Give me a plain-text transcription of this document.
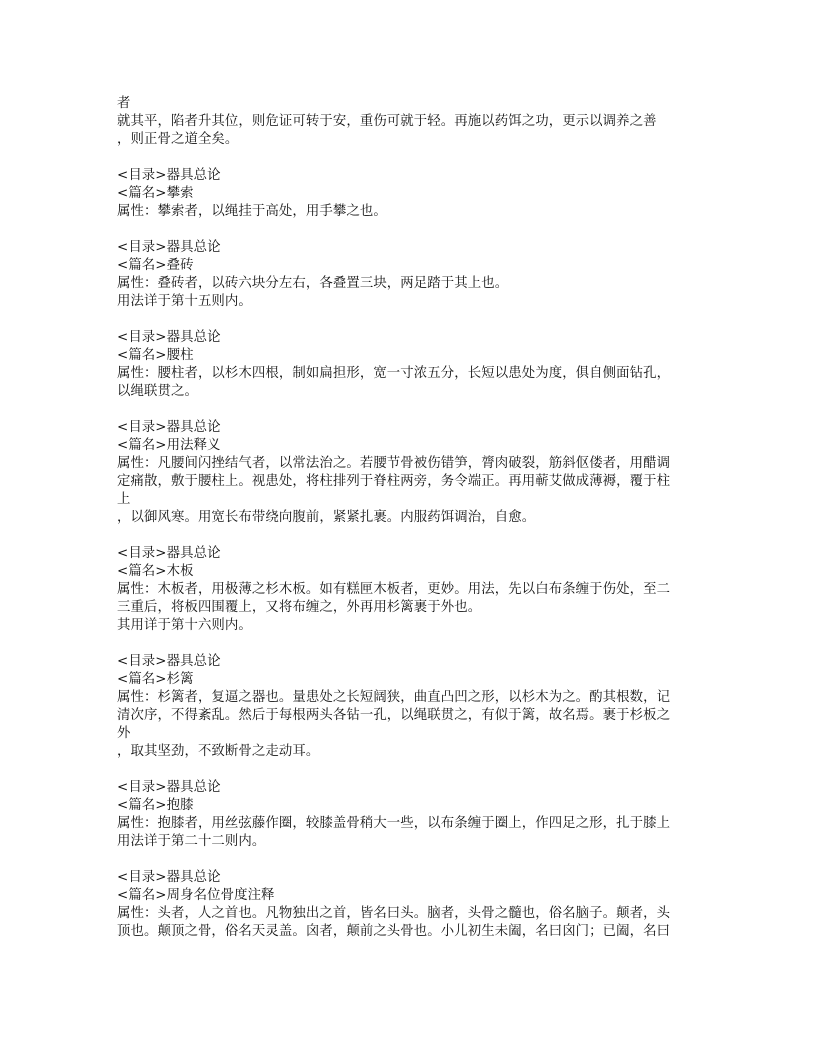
者
就其平，陷者升其位，则危证可转于安，重伤可就于轻。再施以药饵之功，更示以调养之善
，则正骨之道全矣。
<目录>器具总论
<篇名>攀索
属性：攀索者，以绳挂于高处，用手攀之也。
<目录>器具总论
<篇名>叠砖
属性：叠砖者，以砖六块分左右，各叠置三块，两足踏于其上也。
用法详于第十五则内。
<目录>器具总论
<篇名>腰柱
属性：腰柱者，以杉木四根，制如扁担形，宽一寸浓五分，长短以患处为度，俱自侧面钻孔，
以绳联贯之。
<目录>器具总论
<篇名>用法释义
属性：凡腰间闪挫结气者，以常法治之。若腰节骨被伤错笋，膂肉破裂，筋斜伛偻者，用醋调
定痛散，敷于腰柱上。视患处，将柱排列于脊柱两旁，务令端正。再用蕲艾做成薄褥，覆于柱
上
，以御风寒。用宽长布带绕向腹前，紧紧扎裹。内服药饵调治，自愈。
<目录>器具总论
<篇名>木板
属性：木板者，用极薄之杉木板。如有糕匣木板者，更妙。用法，先以白布条缠于伤处，至二
三重后，将板四围覆上，又将布缠之，外再用杉篱裹于外也。
其用详于第十六则内。
<目录>器具总论
<篇名>杉篱
属性：杉篱者，复逼之器也。量患处之长短阔狭，曲直凸凹之形，以杉木为之。酌其根数，记
清次序，不得紊乱。然后于每根两头各钻一孔，以绳联贯之，有似于篱，故名焉。裹于杉板之
外
，取其坚劲，不致断骨之走动耳。
<目录>器具总论
<篇名>抱膝
属性：抱膝者，用丝弦藤作圈，较膝盖骨稍大一些，以布条缠于圈上，作四足之形，扎于膝上
用法详于第二十二则内。
<目录>器具总论
<篇名>周身名位骨度注释
属性：头者，人之首也。凡物独出之首，皆名曰头。脑者，头骨之髓也，俗名脑子。颠者，头
顶也。颠顶之骨，俗名天灵盖。囟者，颠前之头骨也。小儿初生未阖，名曰囟门；已阖，名曰
